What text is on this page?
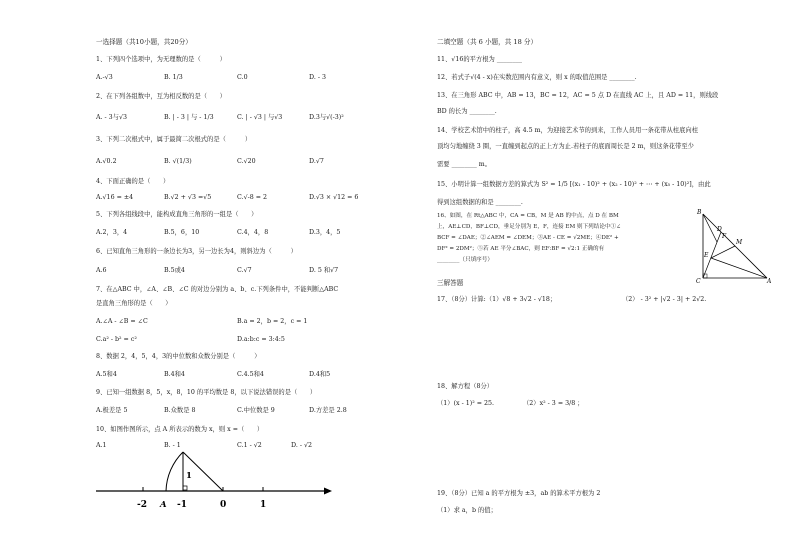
一选择题（共10小题，共20分）
1、下列四个选项中，为无理数的是（　　　）
A.-√3	B. 1/3	C.0	D. - 3
2、在下列各组数中，互为相反数的是（　　）
A. - 3与√3	B. | - 3 | 与 - 1/3	C. | - √3 | 与√3	D.3与√(-3)²
3、下列二次根式中，属于最简二次根式的是（　　　）
A.√0.2	B. √(1/3)	C.√20	D.√7
4、下面正确的是（　　）
A.√16 = ±4	B.√2 + √3 =√5	C.√-8 = 2	D.√3 × √12 = 6
5、下列各组线段中，能构成直角三角形的一组是（　　）
A.2，3，4	B.5，6，10	C.4，4，8	D.3，4，5
6、已知直角三角形的一条边长为3，另一边长为4，则斜边为（　　　）
A.6	B.5或4	C.√7	D. 5 和√7
7、在△ABC 中，∠A、∠B、∠C 的对边分别为 a、b、c.下列条件中，不能判断△ABC
是直角三角形的是（　　）
A.∠A - ∠B = ∠C	B.a = 2，b = 2，c = 1
C.a² - b² = c²	D.a:b:c = 3:4:5
8、数据 2，4，5，4，3的中位数和众数分别是（　　　）
A.5和4	B.4和4	C.4.5和4	D.4和5
9、已知一组数据 8，5，x，8，10 的平均数是 8，以下说法错误的是（　　）
A.极差是 5	B.众数是 8	C.中位数是 9	D.方差是 2.8
10、如图作图所示，点 A 所表示的数为 x，则 x =（　　）
A.1	B. - 1	C.1 - √2	D. - √2
1
-2 A -1	0	1
二填空题（共 6 小题，共 18 分）
11、√16的平方根为 ________
12、若式子√(4 - x)在实数范围内有意义，则 x 的取值范围是 ________.
13、在三角形 ABC 中，AB = 13，BC = 12，AC = 5 点 D 在直线 AC 上，且 AD = 11，则线段
BD 的长为 ________.
14、学校艺术馆中的柱子，高 4.5 m，为迎接艺术节的到来，工作人员用一条花带从柱底向柱
顶均匀地缠绕 3 圈，一直缠到起点的正上方为止.若柱子的底面周长是 2 m，则这条花带至少
需要 ________ m。
15、小明计算一组数据方差的算式为 S² = 1/5 [(x₁ - 10)² + (x₂ - 10)² + ⋯ + (x₅ - 10)²]，由此
得到这组数据的和是 ________.
16、如图，在 Rt△ABC 中，CA = CB，M 是 AB 的中点，点 D 在 BM
上，AE⊥CD，BF⊥CD，垂足分别为 E，F，连接 EM 则下列结论中①∠
BCF = ∠DAE；②∠AEM = ∠DEM；③AE - CE = √2ME；④DE² +
DF² = 2DM²；⑤若 AE 平分∠BAC，则 EF:BF = √2:1 正确的有
________（只填序号）
B
F
M
D
E
C	A
三解答题
17、（8分）计算:（1）√8 + 3√2 - √18；	（2） - 3² + |√2 - 3| + 2√2.
18、解方程（8分）
（1）(x - 1)² = 25.	（2）x² - 3 = 3/8 ；
19、（8分）已知 a 的平方根为 ±3，ab 的算术平方根为 2
（1）求 a，b 的值；
